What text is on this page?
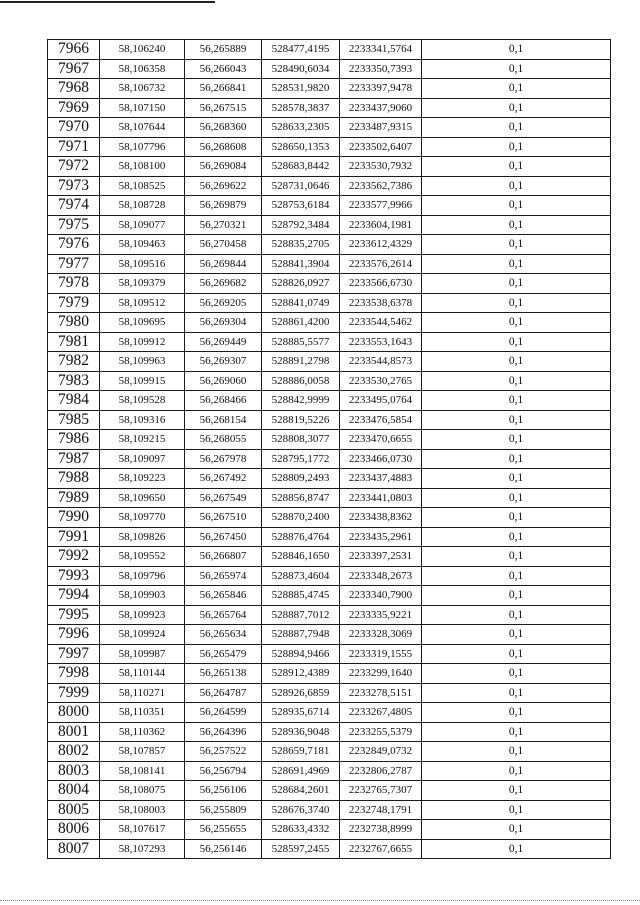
7966	58,106240	56,265889	528477,4195	2233341,5764	0,1
7967	58,106358	56,266043	528490,6034	2233350,7393	0,1
7968	58,106732	56,266841	528531,9820	2233397,9478	0,1
7969	58,107150	56,267515	528578,3837	2233437,9060	0,1
7970	58,107644	56,268360	528633,2305	2233487,9315	0,1
7971	58,107796	56,268608	528650,1353	2233502,6407	0,1
7972	58,108100	56,269084	528683,8442	2233530,7932	0,1
7973	58,108525	56,269622	528731,0646	2233562,7386	0,1
7974	58,108728	56,269879	528753,6184	2233577,9966	0,1
7975	58,109077	56,270321	528792,3484	2233604,1981	0,1
7976	58,109463	56,270458	528835,2705	2233612,4329	0,1
7977	58,109516	56,269844	528841,3904	2233576,2614	0,1
7978	58,109379	56,269682	528826,0927	2233566,6730	0,1
7979	58,109512	56,269205	528841,0749	2233538,6378	0,1
7980	58,109695	56,269304	528861,4200	2233544,5462	0,1
7981	58,109912	56,269449	528885,5577	2233553,1643	0,1
7982	58,109963	56,269307	528891,2798	2233544,8573	0,1
7983	58,109915	56,269060	528886,0058	2233530,2765	0,1
7984	58,109528	56,268466	528842,9999	2233495,0764	0,1
7985	58,109316	56,268154	528819,5226	2233476,5854	0,1
7986	58,109215	56,268055	528808,3077	2233470,6655	0,1
7987	58,109097	56,267978	528795,1772	2233466,0730	0,1
7988	58,109223	56,267492	528809,2493	2233437,4883	0,1
7989	58,109650	56,267549	528856,8747	2233441,0803	0,1
7990	58,109770	56,267510	528870,2400	2233438,8362	0,1
7991	58,109826	56,267450	528876,4764	2233435,2961	0,1
7992	58,109552	56,266807	528846,1650	2233397,2531	0,1
7993	58,109796	56,265974	528873,4604	2233348,2673	0,1
7994	58,109903	56,265846	528885,4745	2233340,7900	0,1
7995	58,109923	56,265764	528887,7012	2233335,9221	0,1
7996	58,109924	56,265634	528887,7948	2233328,3069	0,1
7997	58,109987	56,265479	528894,9466	2233319,1555	0,1
7998	58,110144	56,265138	528912,4389	2233299,1640	0,1
7999	58,110271	56,264787	528926,6859	2233278,5151	0,1
8000	58,110351	56,264599	528935,6714	2233267,4805	0,1
8001	58,110362	56,264396	528936,9048	2233255,5379	0,1
8002	58,107857	56,257522	528659,7181	2232849,0732	0,1
8003	58,108141	56,256794	528691,4969	2232806,2787	0,1
8004	58,108075	56,256106	528684,2601	2232765,7307	0,1
8005	58,108003	56,255809	528676,3740	2232748,1791	0,1
8006	58,107617	56,255655	528633,4332	2232738,8999	0,1
8007	58,107293	56,256146	528597,2455	2232767,6655	0,1
